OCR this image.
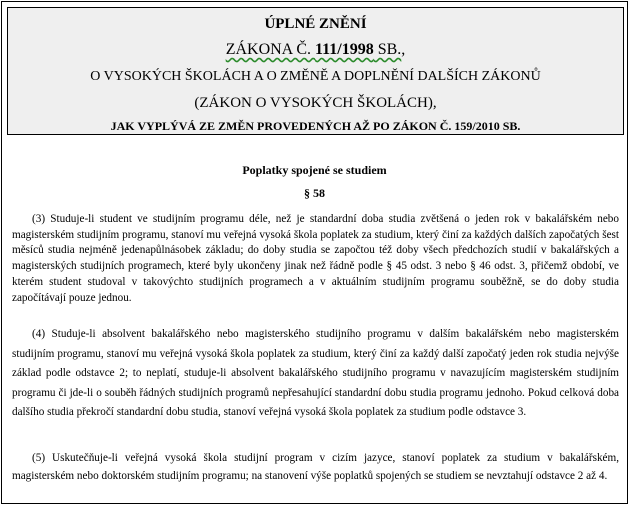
ÚPLNÉ ZNĚNÍ
ZÁKONA Č. 111/1998 SB.,
O VYSOKÝCH ŠKOLÁCH A O ZMĚNĚ A DOPLNĚNÍ DALŠÍCH ZÁKONŮ
(ZÁKON O VYSOKÝCH ŠKOLÁCH),
JAK VYPLÝVÁ ZE ZMĚN PROVEDENÝCH AŽ PO ZÁKON Č. 159/2010 SB.
Poplatky spojené se studiem
§ 58

(3) Studuje-li student ve studijním programu déle, než je standardní doba studia zvětšená o jeden rok v bakalářském nebo magisterském studijním programu, stanoví mu veřejná vysoká škola poplatek za studium, který činí za každých dalších započatých šest měsíců studia nejméně jedenapůlnásobek základu; do doby studia se započtou též doby všech předchozích studií v bakalářských a magisterských studijních programech, které byly ukončeny jinak než řádně podle § 45 odst. 3 nebo § 46 odst. 3, přičemž období, ve kterém student studoval v takovýchto studijních programech a v aktuálním studijním programu souběžně, se do doby studia započítávají pouze jednou.

(4) Studuje-li absolvent bakalářského nebo magisterského studijního programu v dalším bakalářském nebo magisterském studijním programu, stanoví mu veřejná vysoká škola poplatek za studium, který činí za každý další započatý jeden rok studia nejvýše základ podle odstavce 2; to neplatí, studuje-li absolvent bakalářského studijního programu v navazujícím magisterském studijním programu či jde-li o souběh řádných studijních programů nepřesahující standardní dobu studia programu jednoho. Pokud celková doba dalšího studia překročí standardní dobu studia, stanoví veřejná vysoká škola poplatek za studium podle odstavce 3.

(5) Uskutečňuje-li veřejná vysoká škola studijní program v cizím jazyce, stanoví poplatek za studium v bakalářském, magisterském nebo doktorském studijním programu; na stanovení výše poplatků spojených se studiem se nevztahují odstavce 2 až 4.
